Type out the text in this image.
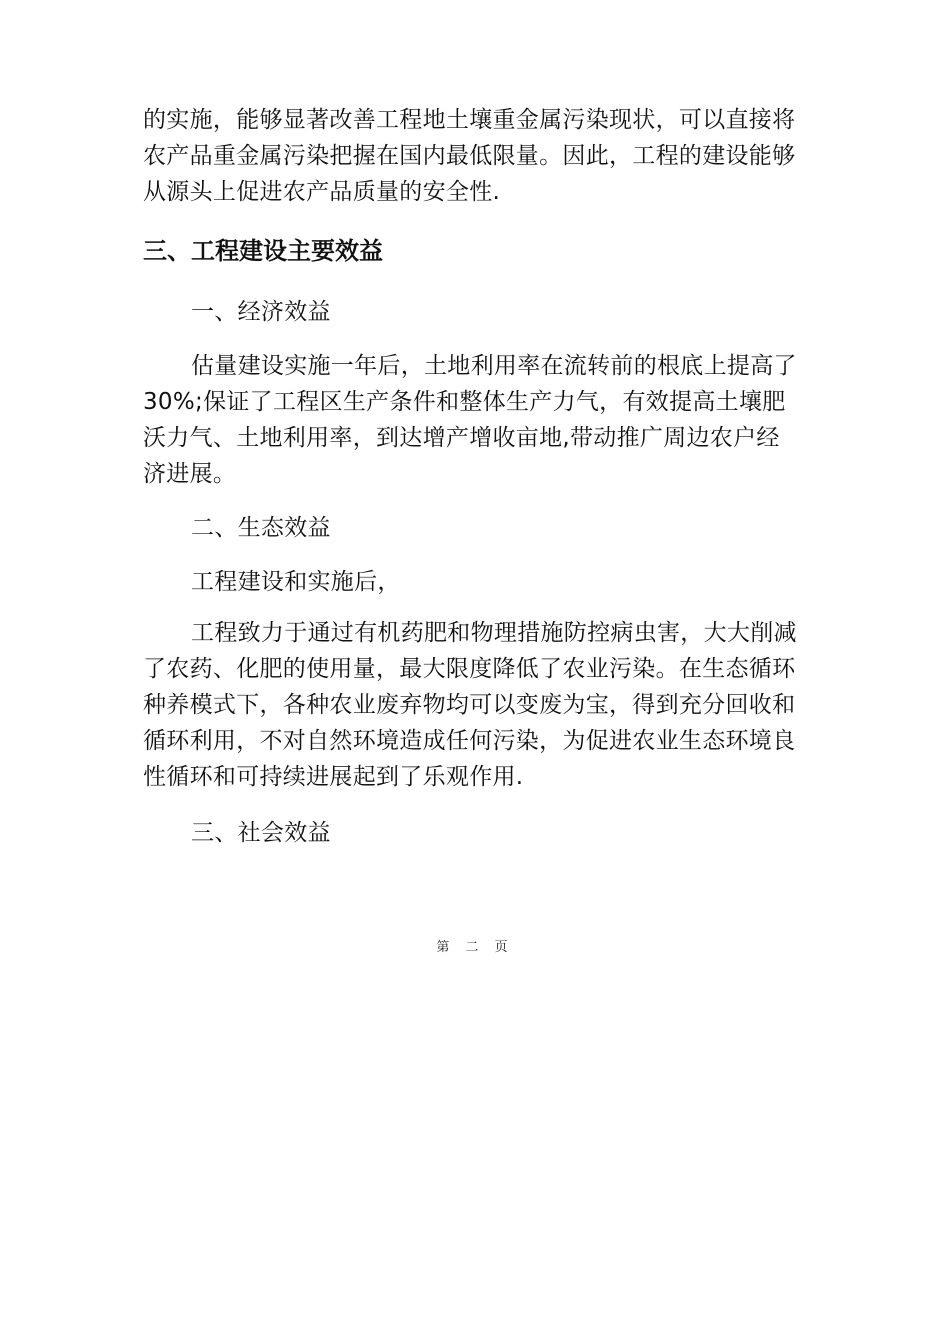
的实施，能够显著改善工程地土壤重金属污染现状，可以直接将
农产品重金属污染把握在国内最低限量。因此，工程的建设能够
从源头上促进农产品质量的安全性.
三、工程建设主要效益
一、经济效益
估量建设实施一年后，土地利用率在流转前的根底上提高了
30%;保证了工程区生产条件和整体生产力气，有效提高土壤肥
沃力气、土地利用率，到达增产增收亩地,带动推广周边农户经
济进展。
二、生态效益
工程建设和实施后，
工程致力于通过有机药肥和物理措施防控病虫害，大大削减
了农药、化肥的使用量，最大限度降低了农业污染。在生态循环
种养模式下，各种农业废弃物均可以变废为宝，得到充分回收和
循环利用，不对自然环境造成任何污染，为促进农业生态环境良
性循环和可持续进展起到了乐观作用.
三、社会效益
第 二 页
